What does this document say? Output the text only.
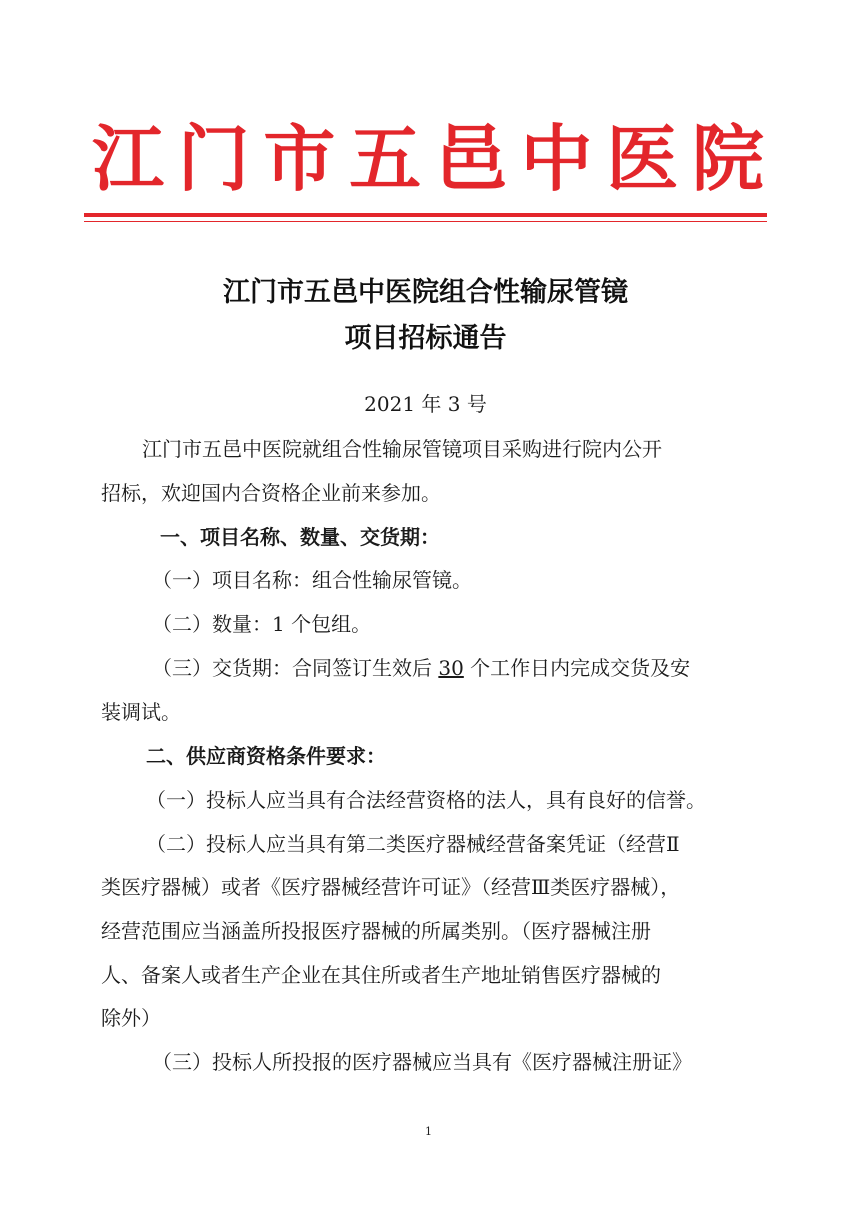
江 门 市 五 邑 中 医 院
江门市五邑中医院组合性输尿管镜
项目招标通告
2021 年 3 号
江门市五邑中医院就组合性输尿管镜项目采购进行院内公开
招标，欢迎国内合资格企业前来参加。
一、项目名称、数量、交货期：
（一）项目名称：组合性输尿管镜。
（二）数量：1 个包组。
（三）交货期：合同签订生效后 30 个工作日内完成交货及安
装调试。
二、供应商资格条件要求：
（一）投标人应当具有合法经营资格的法人，具有良好的信誉。
（二）投标人应当具有第二类医疗器械经营备案凭证（经营Ⅱ
类医疗器械）或者《医疗器械经营许可证》（经营Ⅲ类医疗器械），
经营范围应当涵盖所投报医疗器械的所属类别。（医疗器械注册
人、备案人或者生产企业在其住所或者生产地址销售医疗器械的
除外）
（三）投标人所投报的医疗器械应当具有《医疗器械注册证》
1
